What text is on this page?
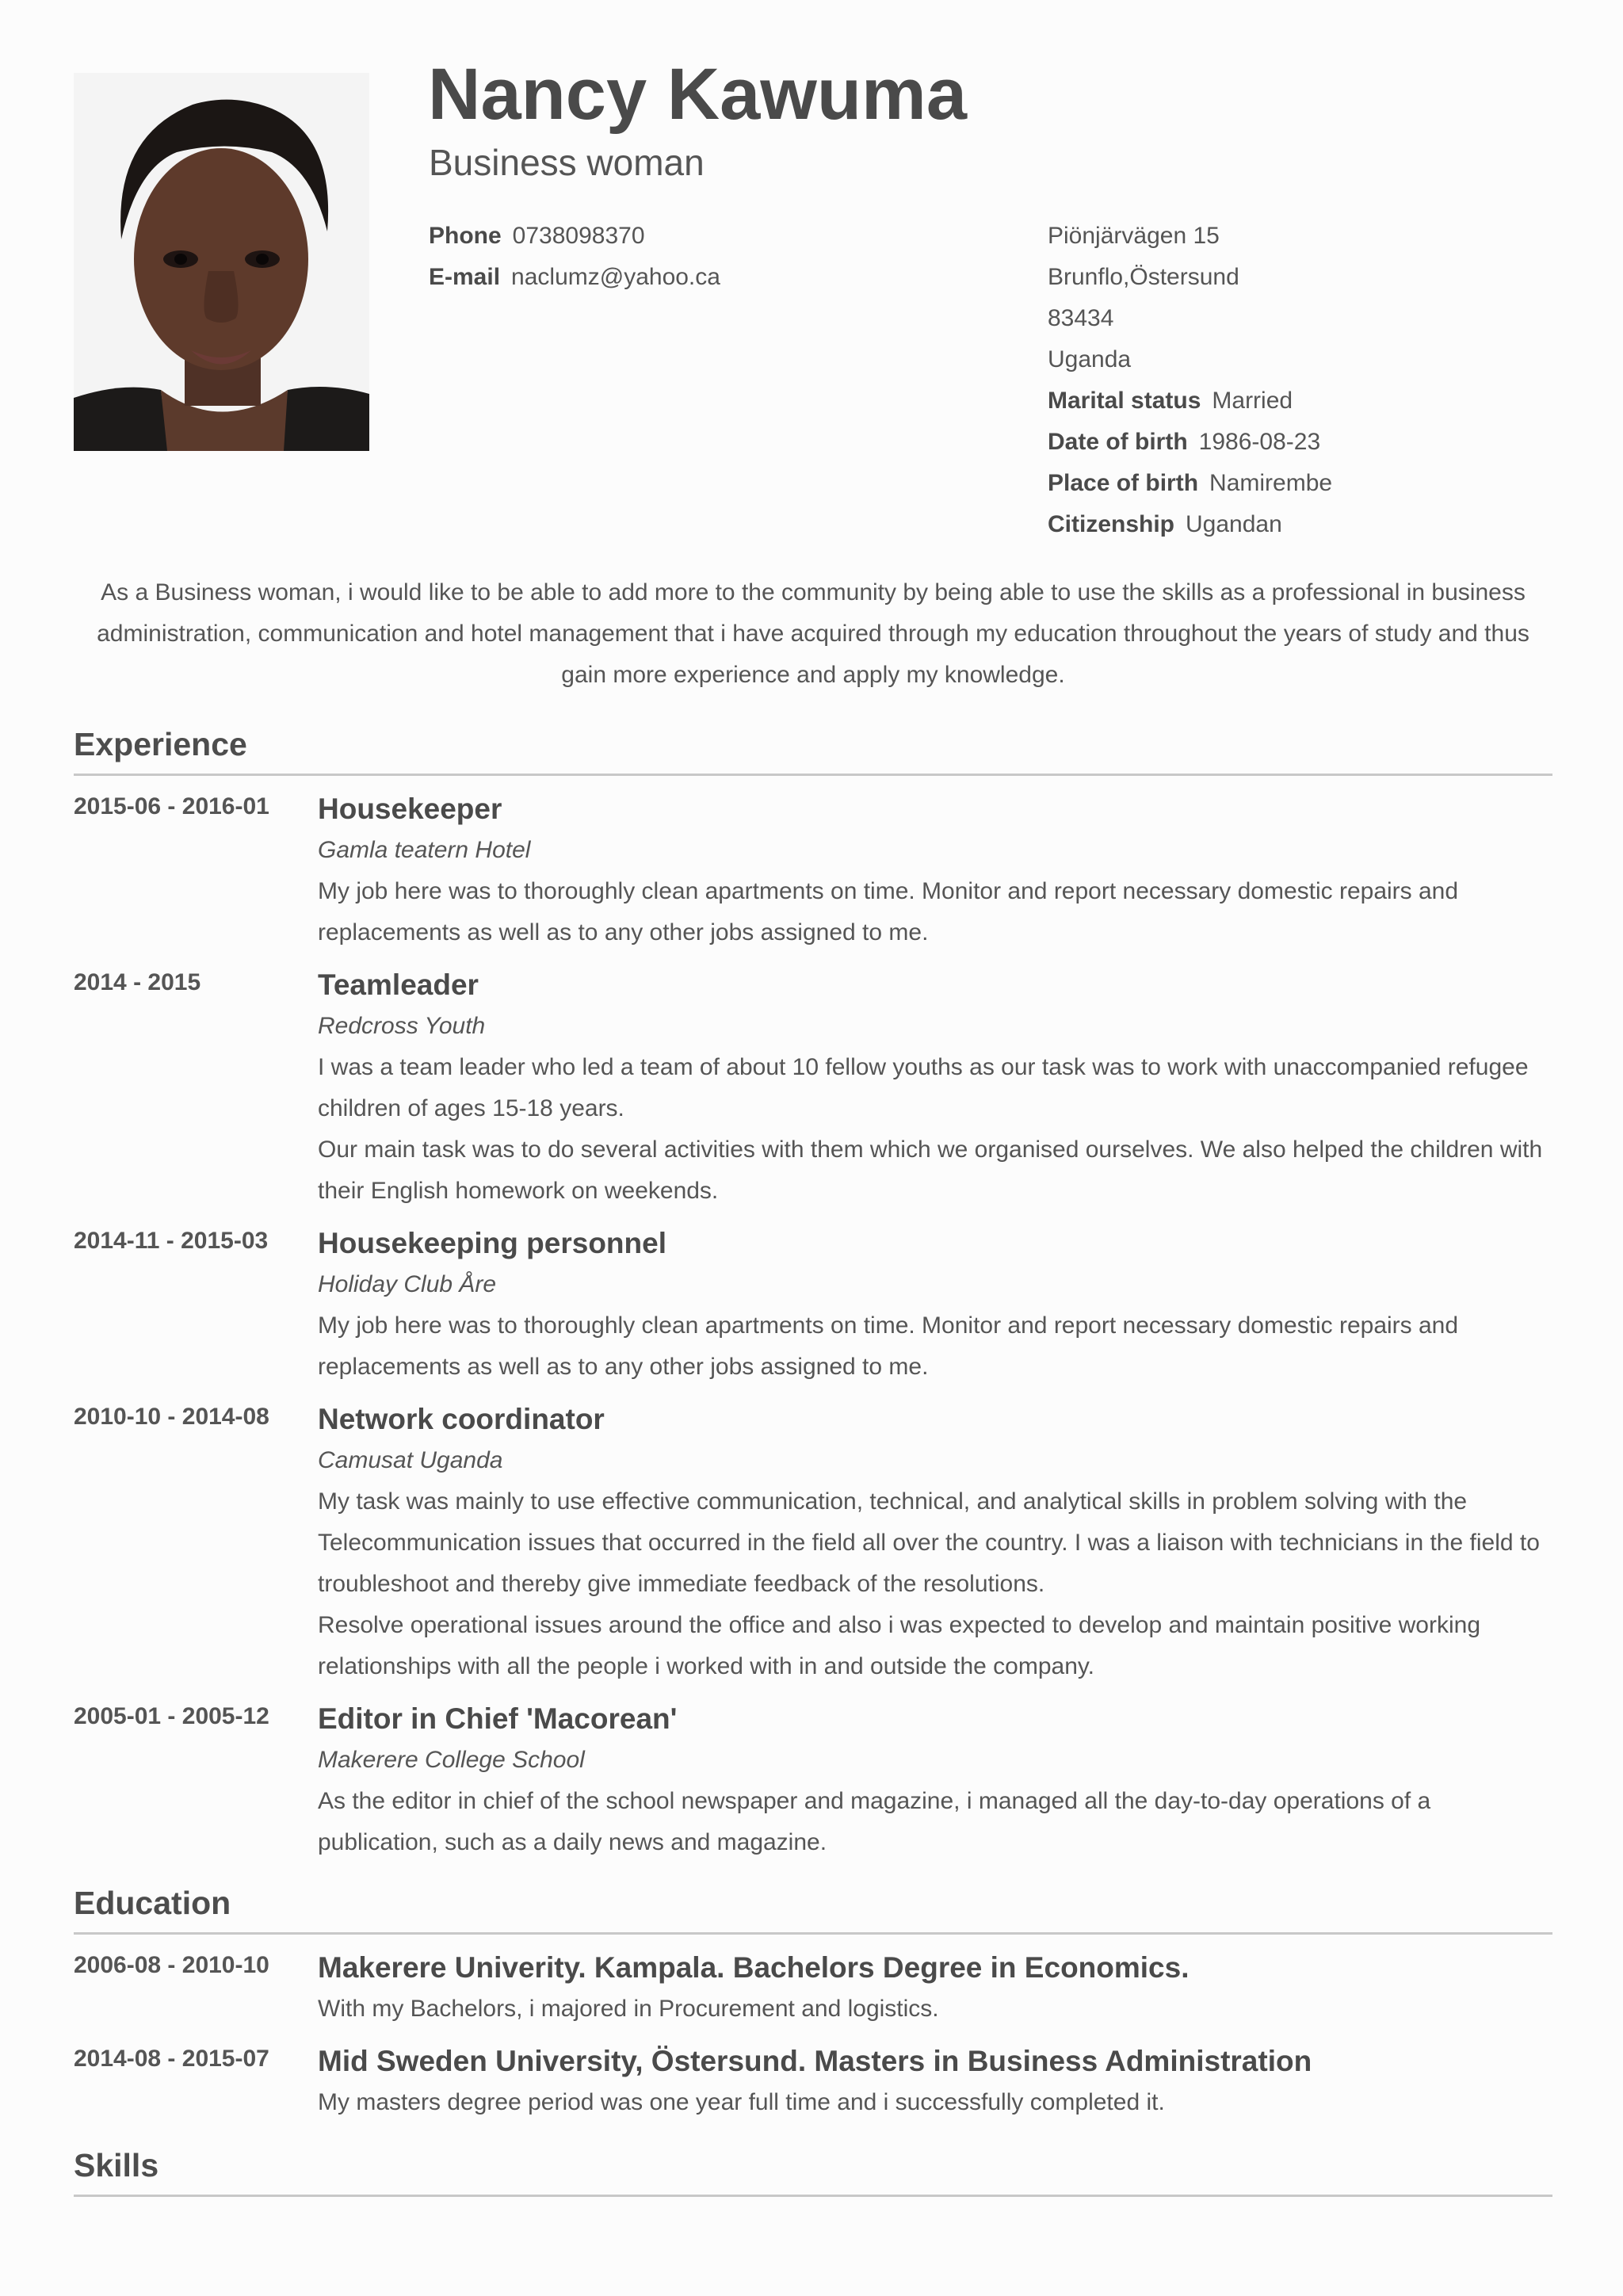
Nancy Kawuma
Business woman
Phone 0738098370
E-mail naclumz@yahoo.ca
Piönjärvägen 15
Brunflo,Östersund
83434
Uganda
Marital status Married
Date of birth 1986-08-23
Place of birth Namirembe
Citizenship Ugandan
As a Business woman, i would like to be able to add more to the community by being able to use the skills as a professional in business administration, communication and hotel management that i have acquired through my education throughout the years of study and thus gain more experience and apply my knowledge.
Experience
2015-06 - 2016-01 Housekeeper
Gamla teatern Hotel
My job here was to thoroughly clean apartments on time. Monitor and report necessary domestic repairs and replacements as well as to any other jobs assigned to me.
2014 - 2015	Teamleader
Redcross Youth
I was a team leader who led a team of about 10 fellow youths as our task was to work with unaccompanied refugee children of ages 15-18 years.
Our main task was to do several activities with them which we organised ourselves. We also helped the children with their English homework on weekends.
2014-11 - 2015-03 Housekeeping personnel
Holiday Club Åre
My job here was to thoroughly clean apartments on time. Monitor and report necessary domestic repairs and replacements as well as to any other jobs assigned to me.
2010-10 - 2014-08 Network coordinator
Camusat Uganda
My task was mainly to use effective communication, technical, and analytical skills in problem solving with the Telecommunication issues that occurred in the field all over the country. I was a liaison with technicians in the field to troubleshoot and thereby give immediate feedback of the resolutions.
Resolve operational issues around the office and also i was expected to develop and maintain positive working relationships with all the people i worked with in and outside the company.
2005-01 - 2005-12 Editor in Chief 'Macorean'
Makerere College School
As the editor in chief of the school newspaper and magazine, i managed all the day-to-day operations of a publication, such as a daily news and magazine.
Education
2006-08 - 2010-10 Makerere Univerity. Kampala. Bachelors Degree in Economics.
With my Bachelors, i majored in Procurement and logistics.
2014-08 - 2015-07 Mid Sweden University, Östersund. Masters in Business Administration
My masters degree period was one year full time and i successfully completed it.
Skills
